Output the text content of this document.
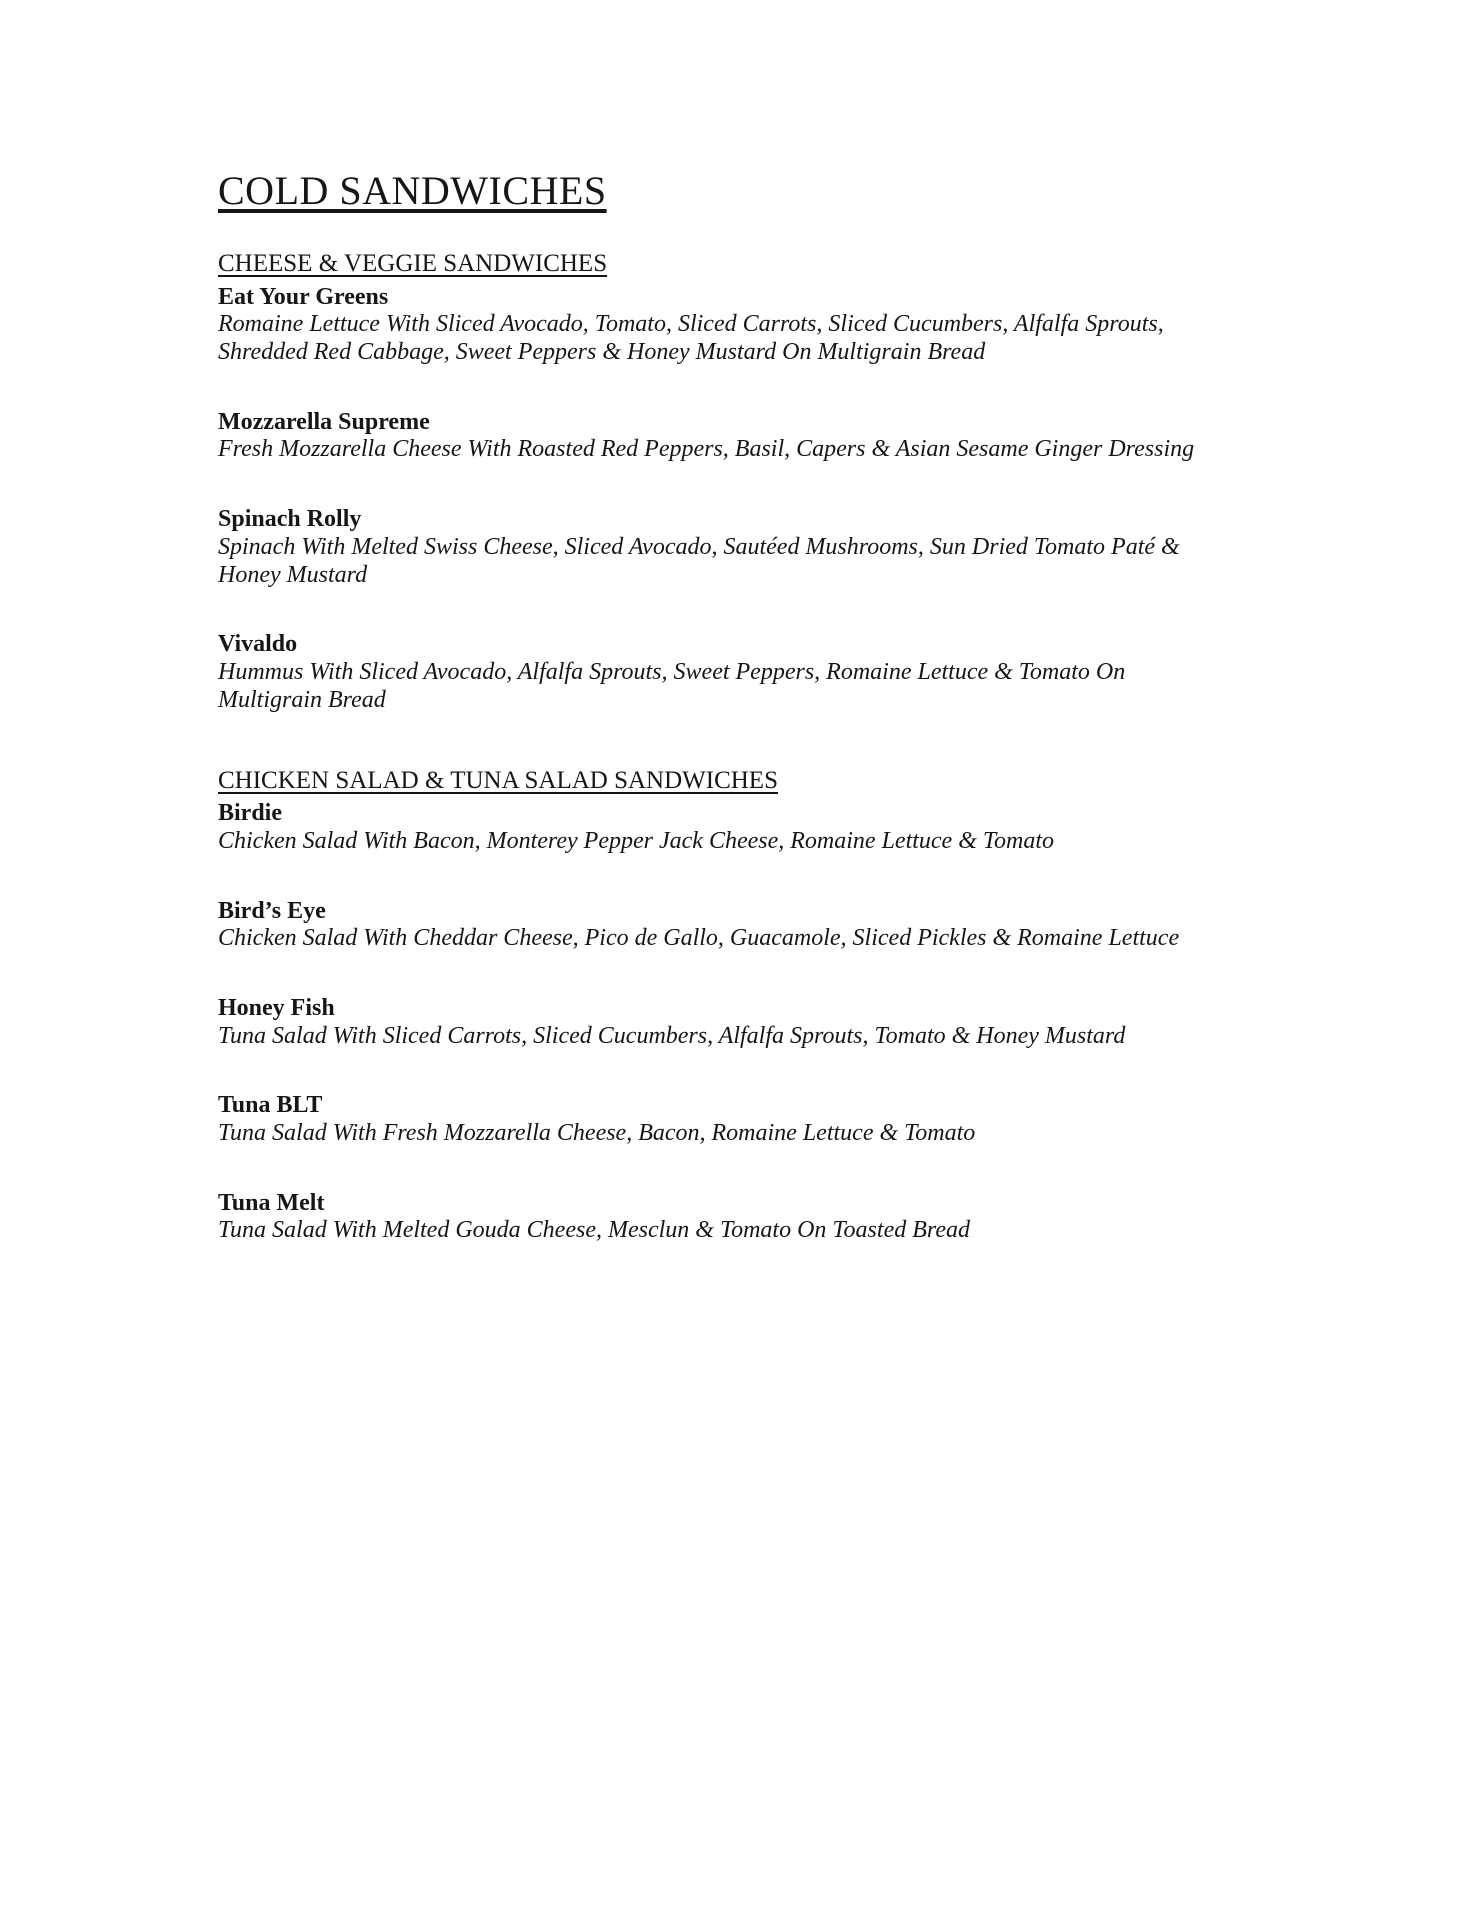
COLD SANDWICHES
CHEESE & VEGGIE SANDWICHES
Eat Your Greens
Romaine Lettuce With Sliced Avocado, Tomato, Sliced Carrots, Sliced Cucumbers, Alfalfa Sprouts, Shredded Red Cabbage, Sweet Peppers & Honey Mustard On Multigrain Bread
Mozzarella Supreme
Fresh Mozzarella Cheese With Roasted Red Peppers, Basil, Capers & Asian Sesame Ginger Dressing
Spinach Rolly
Spinach With Melted Swiss Cheese, Sliced Avocado, Sautéed Mushrooms, Sun Dried Tomato Paté & Honey Mustard
Vivaldo
Hummus With Sliced Avocado, Alfalfa Sprouts, Sweet Peppers, Romaine Lettuce & Tomato On Multigrain Bread
CHICKEN SALAD & TUNA SALAD SANDWICHES
Birdie
Chicken Salad With Bacon, Monterey Pepper Jack Cheese, Romaine Lettuce & Tomato
Bird’s Eye
Chicken Salad With Cheddar Cheese, Pico de Gallo, Guacamole, Sliced Pickles & Romaine Lettuce
Honey Fish
Tuna Salad With Sliced Carrots, Sliced Cucumbers, Alfalfa Sprouts, Tomato & Honey Mustard
Tuna BLT
Tuna Salad With Fresh Mozzarella Cheese, Bacon, Romaine Lettuce & Tomato
Tuna Melt
Tuna Salad With Melted Gouda Cheese, Mesclun & Tomato On Toasted Bread
